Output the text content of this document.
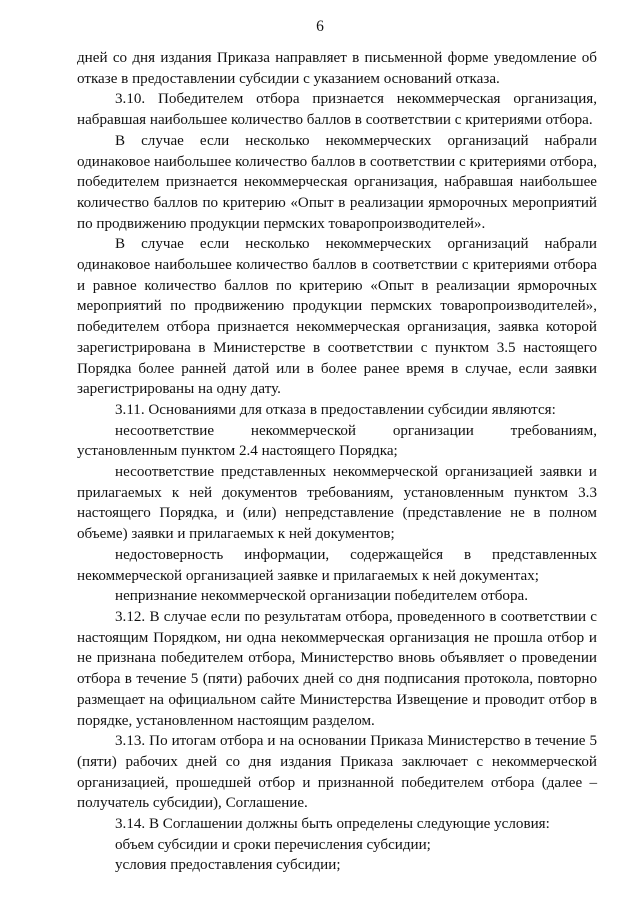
6

дней со дня издания Приказа направляет в письменной форме уведомление об отказе в предоставлении субсидии с указанием оснований отказа.

3.10. Победителем отбора признается некоммерческая организация, набравшая наибольшее количество баллов в соответствии с критериями отбора.

В случае если несколько некоммерческих организаций набрали одинаковое наибольшее количество баллов в соответствии с критериями отбора, победителем признается некоммерческая организация, набравшая наибольшее количество баллов по критерию «Опыт в реализации ярморочных мероприятий по продвижению продукции пермских товаропроизводителей».

В случае если несколько некоммерческих организаций набрали одинаковое наибольшее количество баллов в соответствии с критериями отбора и равное количество баллов по критерию «Опыт в реализации ярморочных мероприятий по продвижению продукции пермских товаропроизводителей», победителем отбора признается некоммерческая организация, заявка которой зарегистрирована в Министерстве в соответствии с пунктом 3.5 настоящего Порядка более ранней датой или в более ранее время в случае, если заявки зарегистрированы на одну дату.

3.11. Основаниями для отказа в предоставлении субсидии являются:

несоответствие некоммерческой организации требованиям, установленным пунктом 2.4 настоящего Порядка;

несоответствие представленных некоммерческой организацией заявки и прилагаемых к ней документов требованиям, установленным пунктом 3.3 настоящего Порядка, и (или) непредставление (представление не в полном объеме) заявки и прилагаемых к ней документов;

недостоверность информации, содержащейся в представленных некоммерческой организацией заявке и прилагаемых к ней документах;

непризнание некоммерческой организации победителем отбора.

3.12. В случае если по результатам отбора, проведенного в соответствии с настоящим Порядком, ни одна некоммерческая организация не прошла отбор и не признана победителем отбора, Министерство вновь объявляет о проведении отбора в течение 5 (пяти) рабочих дней со дня подписания протокола, повторно размещает на официальном сайте Министерства Извещение и проводит отбор в порядке, установленном настоящим разделом.

3.13. По итогам отбора и на основании Приказа Министерство в течение 5 (пяти) рабочих дней со дня издания Приказа заключает с некоммерческой организацией, прошедшей отбор и признанной победителем отбора (далее – получатель субсидии), Соглашение.

3.14. В Соглашении должны быть определены следующие условия:

объем субсидии и сроки перечисления субсидии;

условия предоставления субсидии;
